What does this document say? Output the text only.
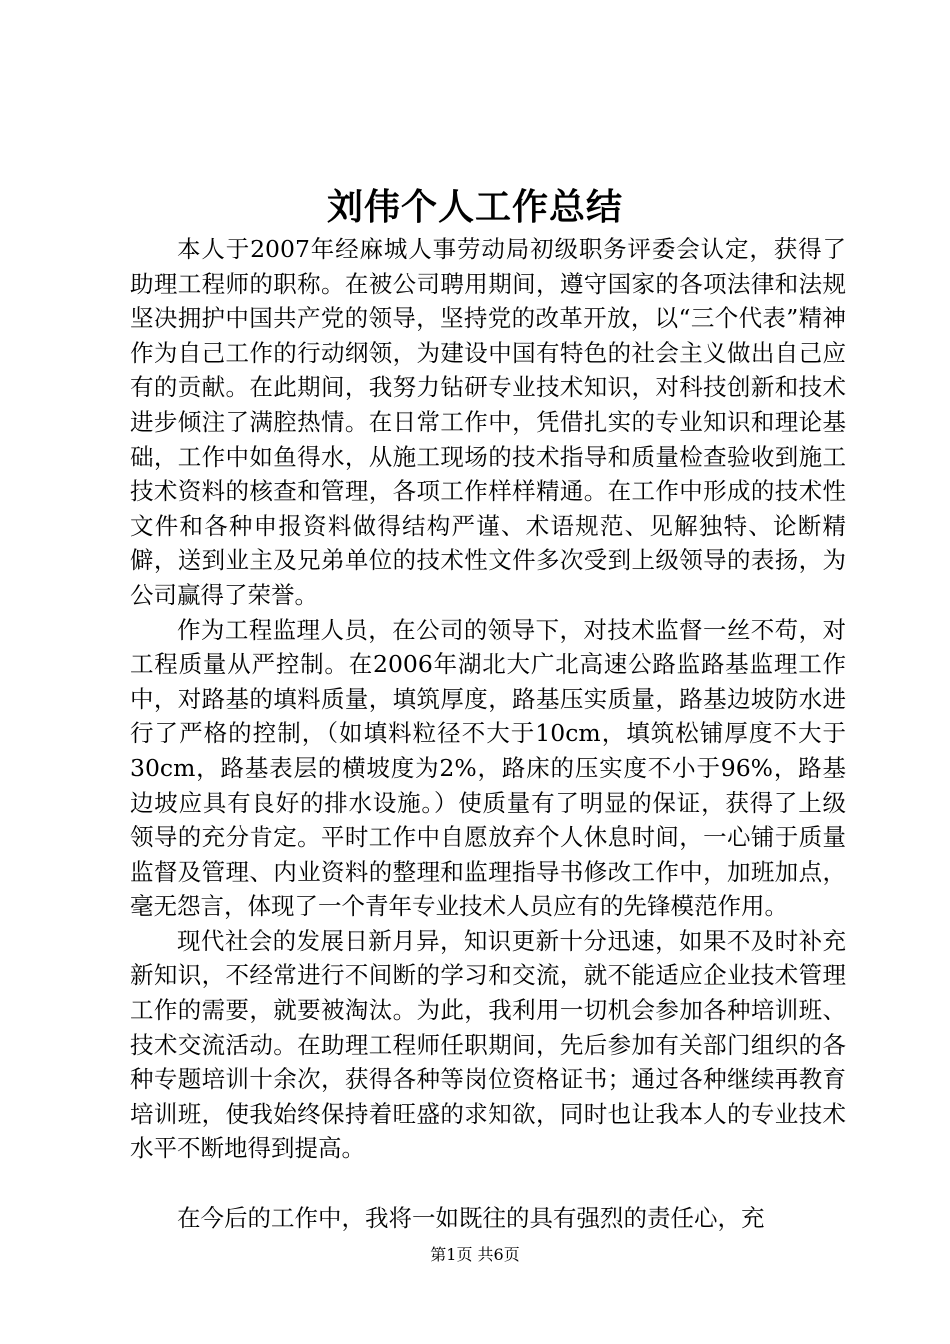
刘伟个人工作总结

本人于2007年经麻城人事劳动局初级职务评委会认定，获得了助理工程师的职称。在被公司聘用期间，遵守国家的各项法律和法规坚决拥护中国共产党的领导，坚持党的改革开放，以“三个代表”精神作为自己工作的行动纲领，为建设中国有特色的社会主义做出自己应有的贡献。在此期间，我努力钻研专业技术知识，对科技创新和技术进步倾注了满腔热情。在日常工作中，凭借扎实的专业知识和理论基础，工作中如鱼得水，从施工现场的技术指导和质量检查验收到施工技术资料的核查和管理，各项工作样样精通。在工作中形成的技术性文件和各种申报资料做得结构严谨、术语规范、见解独特、论断精僻，送到业主及兄弟单位的技术性文件多次受到上级领导的表扬，为公司赢得了荣誉。

作为工程监理人员，在公司的领导下，对技术监督一丝不苟，对工程质量从严控制。在2006年湖北大广北高速公路监路基监理工作中，对路基的填料质量，填筑厚度，路基压实质量，路基边坡防水进行了严格的控制，（如填料粒径不大于10cm，填筑松铺厚度不大于30cm，路基表层的横坡度为2%，路床的压实度不小于96%，路基边坡应具有良好的排水设施。）使质量有了明显的保证，获得了上级领导的充分肯定。平时工作中自愿放弃个人休息时间，一心铺于质量监督及管理、内业资料的整理和监理指导书修改工作中，加班加点，毫无怨言，体现了一个青年专业技术人员应有的先锋模范作用。

现代社会的发展日新月异，知识更新十分迅速，如果不及时补充新知识，不经常进行不间断的学习和交流，就不能适应企业技术管理工作的需要，就要被淘汰。为此，我利用一切机会参加各种培训班、技术交流活动。在助理工程师任职期间，先后参加有关部门组织的各种专题培训十余次，获得各种等岗位资格证书；通过各种继续再教育培训班，使我始终保持着旺盛的求知欲，同时也让我本人的专业技术水平不断地得到提高。

在今后的工作中，我将一如既往的具有强烈的责任心，充

第1页 共6页
